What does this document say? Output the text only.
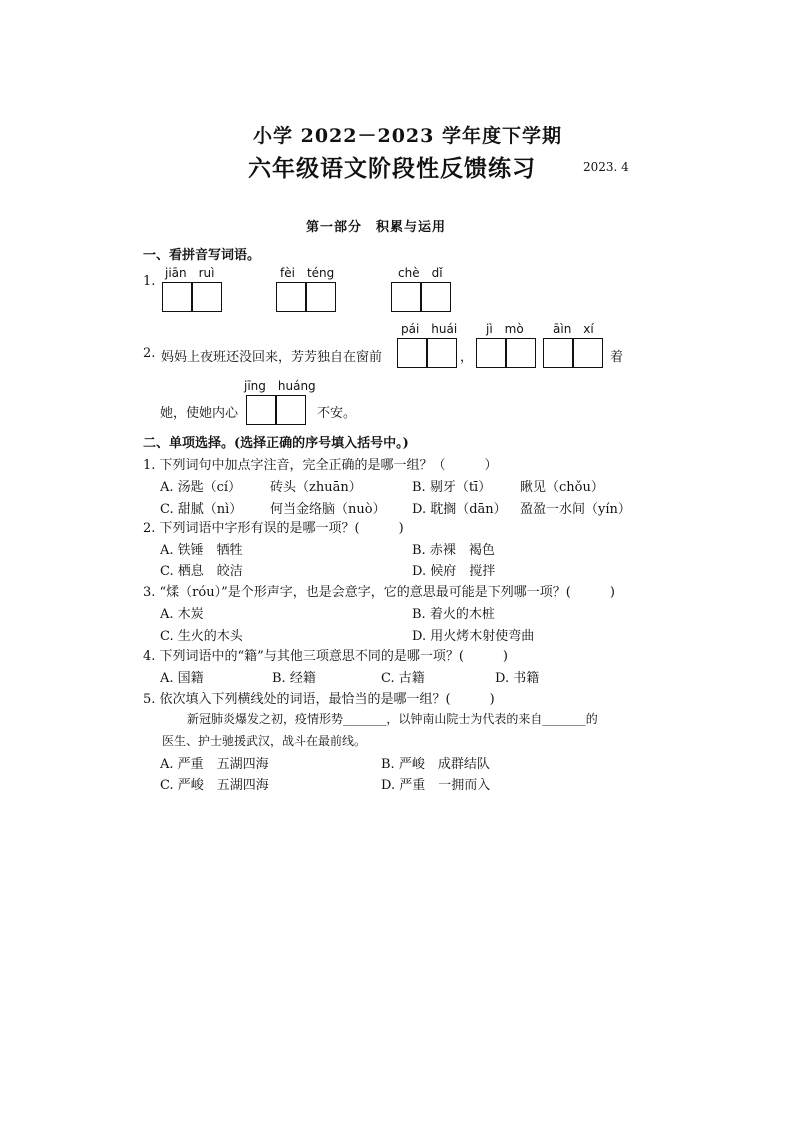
小学 2022－2023 学年度下学期
六年级语文阶段性反馈练习	2023. 4
第一部分　积累与运用
一、看拼音写词语。
1.
jiān　ruì	fèi　téng	chè　dǐ
pái　huái jì　mò āìn　xí
2. 妈妈上夜班还没回来，芳芳独自在窗前	，	着
jīng　huáng
她，使她内心	不安。
二、单项选择。(选择正确的序号填入括号中。)
1. 下列词句中加点字注音，完全正确的是哪一组？（　　　）
A. 汤匙（cí） 砖头（zhuān）	B. 剔牙（tī） 瞅见（chǒu）
C. 甜腻（nì） 何当金络脑（nuò） D. 耽搁（dān） 盈盈一水间（yín）
2. 下列词语中字形有误的是哪一项？(　　　)
A. 铁锤　牺牲	B. 赤裸　褐色
C. 栖息　皎洁	D. 候府　搅拌
3. “煣（róu）”是个形声字，也是会意字，它的意思最可能是下列哪一项？(　　　)
A. 木炭	B. 着火的木桩
C. 生火的木头	D. 用火烤木射使弯曲
4. 下列词语中的“籍”与其他三项意思不同的是哪一项？(　　　)
A. 国籍	B. 经籍	C. 古籍	D. 书籍
5. 依次填入下列横线处的词语，最恰当的是哪一组？(　　　)
新冠肺炎爆发之初，疫情形势______，以钟南山院士为代表的来自______的
医生、护士驰援武汉，战斗在最前线。
A. 严重　五湖四海	B. 严峻　成群结队
C. 严峻　五湖四海	D. 严重　一拥而入
